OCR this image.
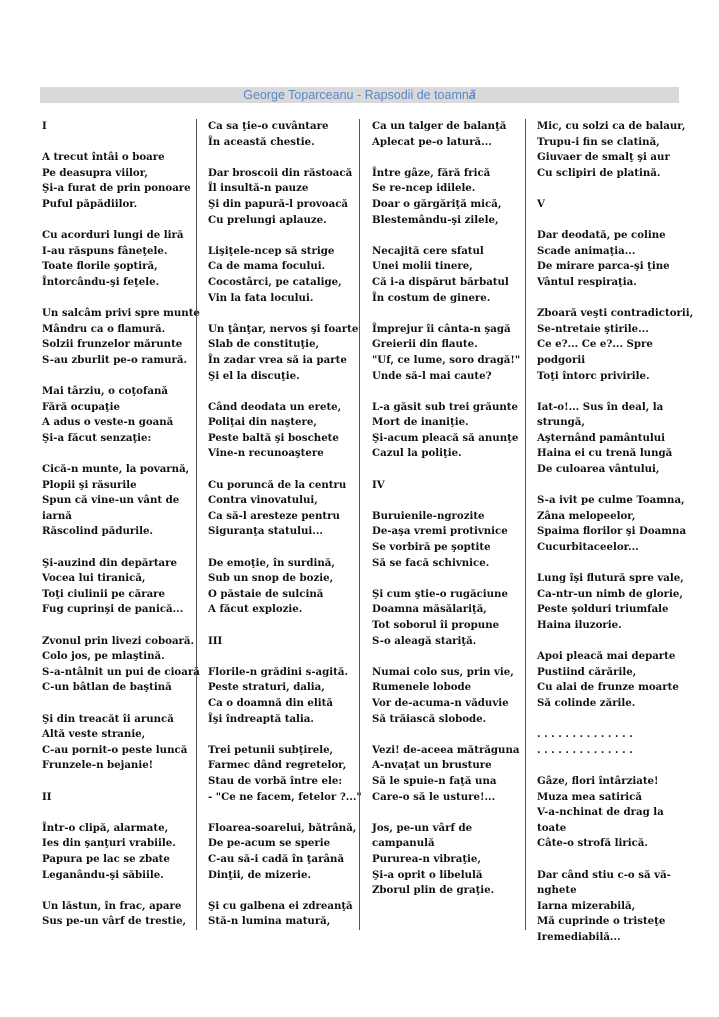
George Toparceanu - Rapsodii de toamnă
I

A trecut întâi o boare
Pe deasupra viilor,
Şi-a furat de prin ponoare
Puful păpădiilor.

Cu acorduri lungi de liră
I-au răspuns fâneţele.
Toate florile şoptiră,
Întorcându-şi feţele.

Un salcâm privi spre munte
Mândru ca o flamură.
Solzii frunzelor mărunte
S-au zburlit pe-o ramură.

Mai târziu, o coţofană
Fără ocupaţie
A adus o veste-n goană
Şi-a făcut senzaţie:

Cică-n munte, la povarnă,
Plopii şi răsurile
Spun că vine-un vânt de
iarnă
Răscolind pădurile.

Şi-auzind din depărtare
Vocea lui tiranică,
Toţi ciulinii pe cărare
Fug cuprinşi de panică...

Zvonul prin livezi coboară.
Colo jos, pe mlaştină.
S-a-ntâlnit un pui de cioară
C-un bâtlan de baştină

Şi din treacăt îi aruncă
Altă veste stranie,
C-au pornit-o peste luncă
Frunzele-n bejanie!

II

Într-o clipă, alarmate,
Ies din şanţuri vrabiile.
Papura pe lac se zbate
Leganându-şi săbiile.

Un lăstun, în frac, apare
Sus pe-un vârf de trestie,
Ca sa ţie-o cuvântare
În această chestie.

Dar broscoii din răstoacă
Îl insultă-n pauze
Şi din papură-l provoacă
Cu prelungi aplauze.

Lişiţele-ncep să strige
Ca de mama focului.
Cocostârci, pe catalige,
Vin la fata locului.

Un ţânţar, nervos şi foarte
Slab de constituţie,
În zadar vrea să ia parte
Şi el la discuţie.

Când deodata un erete,
Poliţai din naştere,
Peste baltă şi boschete
Vine-n recunoaştere

Cu poruncă de la centru
Contra vinovatului,
Ca să-l aresteze pentru
Siguranţa statului...

De emoţie, în surdină,
Sub un snop de bozie,
O păstaie de sulcină
A făcut explozie.

III

Florile-n grădini s-agită.
Peste straturi, dalia,
Ca o doamnă din elită
Îşi îndreaptă talia.

Trei petunii subţirele,
Farmec dând regretelor,
Stau de vorbă între ele:
- "Ce ne facem, fetelor ?..."

Floarea-soarelui, bătrână,
De pe-acum se sperie
C-au să-i cadă în ţarână
Dinţii, de mizerie.

Şi cu galbena ei zdreanţă
Stă-n lumina matură,
Ca un talger de balanţă
Aplecat pe-o latură...

Între gâze, fără frică
Se re-ncep idilele.
Doar o gărgăriţă mică,
Blestemându-şi zilele,

Necajită cere sfatul
Unei molii tinere,
Că i-a dispărut bărbatul
În costum de ginere.

Împrejur îi cânta-n şagă
Greierii din flaute.
"Uf, ce lume, soro dragă!"
Unde să-l mai caute?

L-a găsit sub trei grăunte
Mort de inaniţie.
Şi-acum pleacă să anunţe
Cazul la poliţie.

IV

Buruienile-ngrozite
De-aşa vremi protivnice
Se vorbiră pe şoptite
Să se facă schivnice.

Şi cum ştie-o rugăciune
Doamna măsălariţă,
Tot soborul îi propune
S-o aleagă stariţă.

Numai colo sus, prin vie,
Rumenele lobode
Vor de-acuma-n văduvie
Să trăiască slobode.

Vezi! de-aceea mătrăguna
A-nvaţat un brusture
Să le spuie-n faţă una
Care-o să le usture!...

Jos, pe-un vârf de
campanulă
Pururea-n vibraţie,
Şi-a oprit o libelulă
Zborul plin de graţie.
Mic, cu solzi ca de balaur,
Trupu-i fin se clatină,
Giuvaer de smalţ şi aur
Cu sclipiri de platină.

V

Dar deodată, pe coline
Scade animaţia...
De mirare parca-şi ţine
Vântul respiraţia.

Zboară veşti contradictorii,
Se-ntretaie ştirile...
Ce e?... Ce e?... Spre
podgorii
Toţi întorc privirile.

Iat-o!... Sus în deal, la
strungă,
Aşternând pamântului
Haina ei cu trenă lungă
De culoarea vântului,

S-a ivit pe culme Toamna,
Zâna melopeelor,
Spaima florilor şi Doamna
Cucurbitaceelor...

Lung îşi flutură spre vale,
Ca-ntr-un nimb de glorie,
Peste şolduri triumfale
Haina iluzorie.

Apoi pleacă mai departe
Pustiind cărările,
Cu alai de frunze moarte
Să colinde zările.

. . . . . . . . . . . . . .
. . . . . . . . . . . . . .

Gâze, flori întârziate!
Muza mea satirică
V-a-nchinat de drag la
toate
Câte-o strofă lirică.

Dar când stiu c-o să vă-
nghete
Iarna mizerabilă,
Mă cuprinde o tristeţe
Iremediabilă...
